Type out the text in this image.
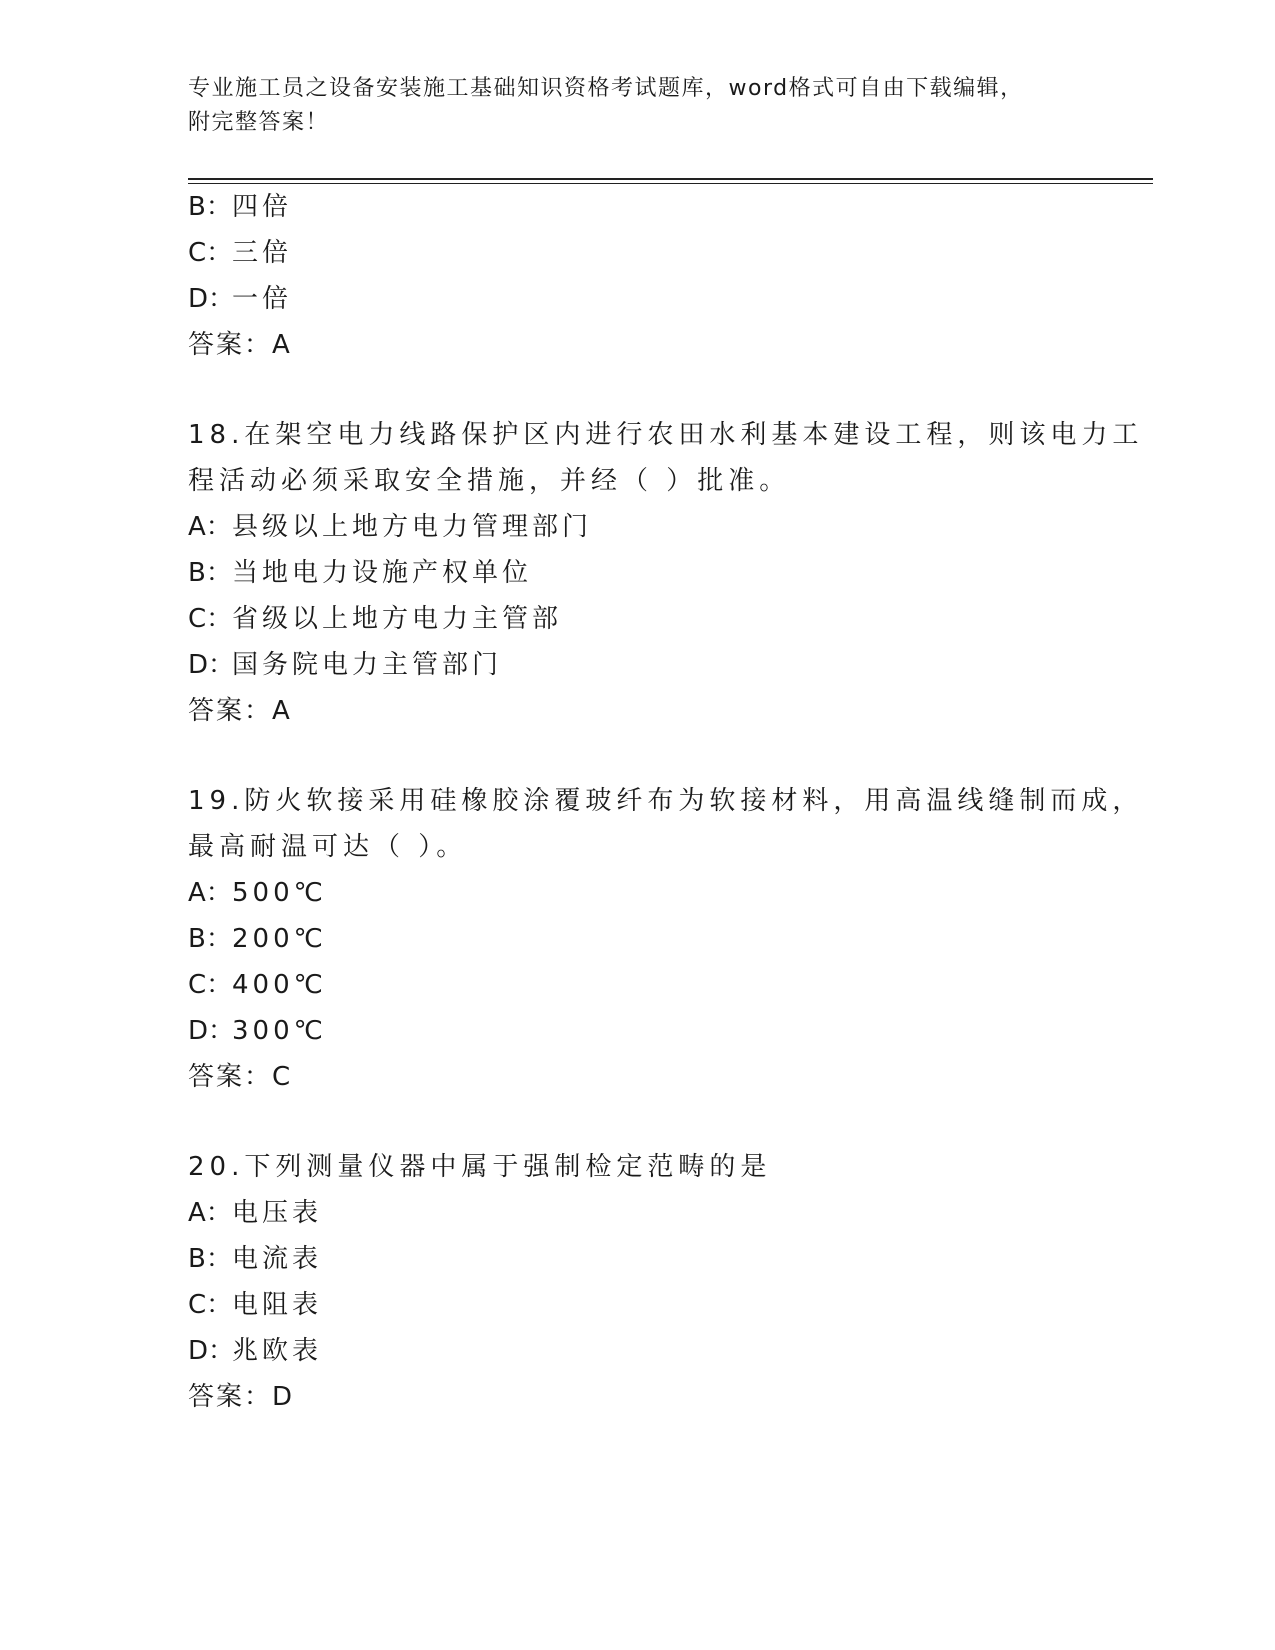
专业施工员之设备安装施工基础知识资格考试题库，word格式可自由下载编辑，
附完整答案！
B：四倍
C：三倍
D：一倍
答案：A
18.在架空电力线路保护区内进行农田水利基本建设工程，则该电力工
程活动必须采取安全措施，并经（ ）批准。
A：县级以上地方电力管理部门
B：当地电力设施产权单位
C：省级以上地方电力主管部
D：国务院电力主管部门
答案：A
19.防火软接采用硅橡胶涂覆玻纤布为软接材料，用高温线缝制而成，
最高耐温可达（ ）。
A：500℃
B：200℃
C：400℃
D：300℃
答案：C
20.下列测量仪器中属于强制检定范畴的是
A：电压表
B：电流表
C：电阻表
D：兆欧表
答案：D
